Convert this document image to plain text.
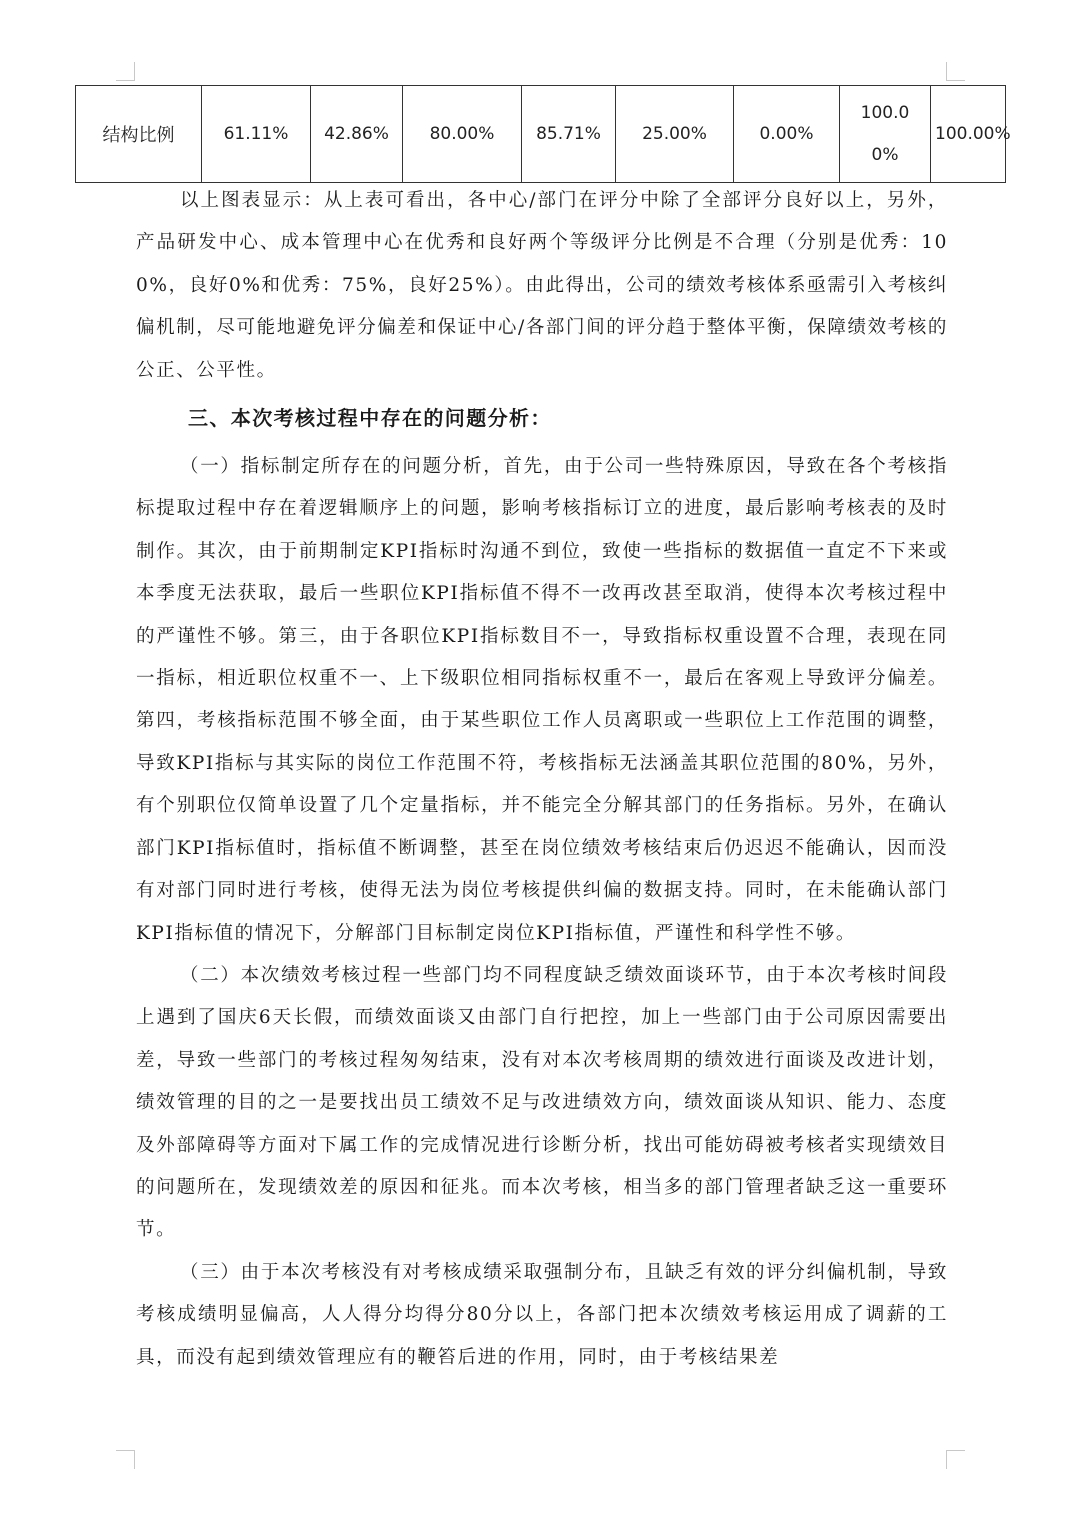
结构比例	61.11%	42.86%	80.00%	85.71%	25.00%	0.00%	100.00%	100.00%

以上图表显示：从上表可看出，各中心/部门在评分中除了全部评分良好以上，另外，产品研发中心、成本管理中心在优秀和良好两个等级评分比例是不合理（分别是优秀：100%，良好0%和优秀：75%，良好25%）。由此得出，公司的绩效考核体系亟需引入考核纠偏机制，尽可能地避免评分偏差和保证中心/各部门间的评分趋于整体平衡，保障绩效考核的公正、公平性。

三、本次考核过程中存在的问题分析：

（一）指标制定所存在的问题分析，首先，由于公司一些特殊原因，导致在各个考核指标提取过程中存在着逻辑顺序上的问题，影响考核指标订立的进度，最后影响考核表的及时制作。其次，由于前期制定KPI指标时沟通不到位，致使一些指标的数据值一直定不下来或本季度无法获取，最后一些职位KPI指标值不得不一改再改甚至取消，使得本次考核过程中的严谨性不够。第三，由于各职位KPI指标数目不一，导致指标权重设置不合理，表现在同一指标，相近职位权重不一、上下级职位相同指标权重不一，最后在客观上导致评分偏差。第四，考核指标范围不够全面，由于某些职位工作人员离职或一些职位上工作范围的调整，导致KPI指标与其实际的岗位工作范围不符，考核指标无法涵盖其职位范围的80%，另外，有个别职位仅简单设置了几个定量指标，并不能完全分解其部门的任务指标。另外，在确认部门KPI指标值时，指标值不断调整，甚至在岗位绩效考核结束后仍迟迟不能确认，因而没有对部门同时进行考核，使得无法为岗位考核提供纠偏的数据支持。同时，在未能确认部门KPI指标值的情况下，分解部门目标制定岗位KPI指标值，严谨性和科学性不够。

（二）本次绩效考核过程一些部门均不同程度缺乏绩效面谈环节，由于本次考核时间段上遇到了国庆6天长假，而绩效面谈又由部门自行把控，加上一些部门由于公司原因需要出差，导致一些部门的考核过程匆匆结束，没有对本次考核周期的绩效进行面谈及改进计划，绩效管理的目的之一是要找出员工绩效不足与改进绩效方向，绩效面谈从知识、能力、态度及外部障碍等方面对下属工作的完成情况进行诊断分析，找出可能妨碍被考核者实现绩效目的问题所在，发现绩效差的原因和征兆。而本次考核，相当多的部门管理者缺乏这一重要环节。

（三）由于本次考核没有对考核成绩采取强制分布，且缺乏有效的评分纠偏机制，导致考核成绩明显偏高，人人得分均得分80分以上，各部门把本次绩效考核运用成了调薪的工具，而没有起到绩效管理应有的鞭笞后进的作用，同时，由于考核结果差
